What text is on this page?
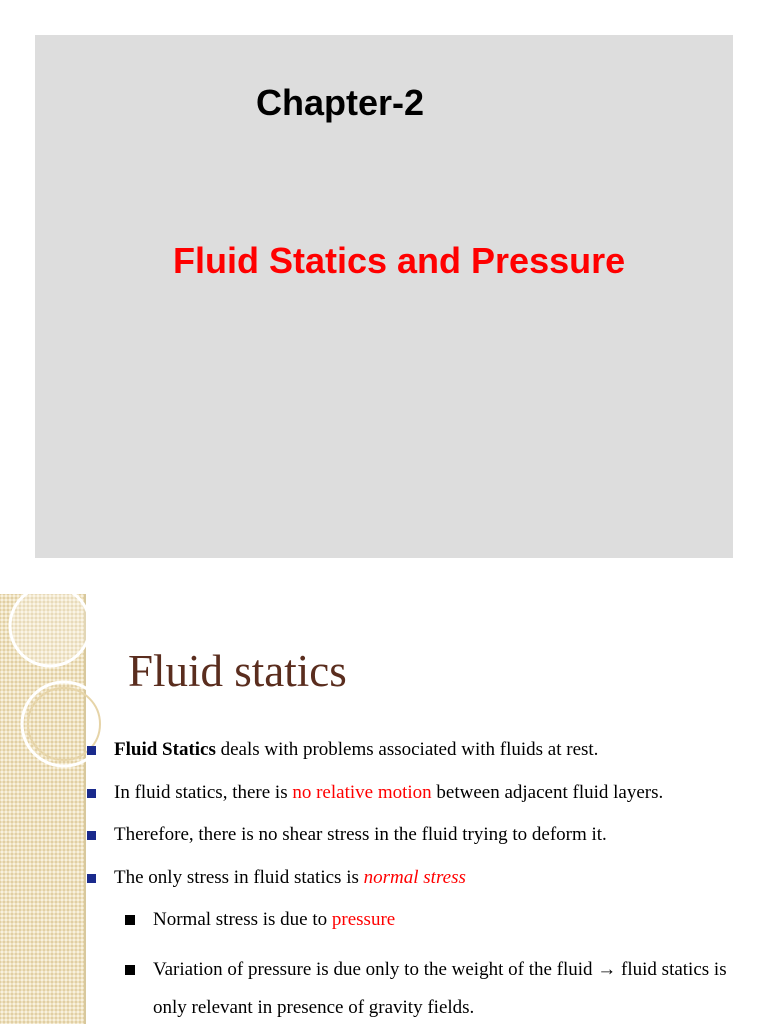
Chapter-2
Fluid Statics and Pressure
Fluid statics
Fluid Statics deals with problems associated with fluids at rest.
In fluid statics, there is no relative motion between adjacent fluid layers.
Therefore, there is no shear stress in the fluid trying to deform it.
The only stress in fluid statics is normal stress
Normal stress is due to pressure
Variation of pressure is due only to the weight of the fluid → fluid statics is only relevant in presence of gravity fields.
